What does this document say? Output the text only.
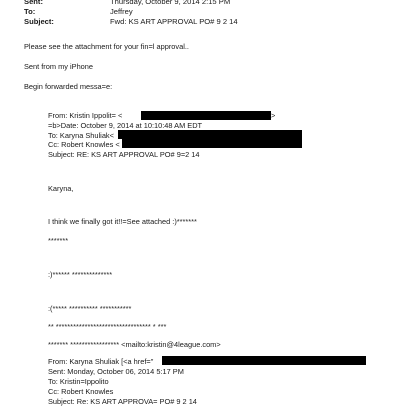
Sent:	Thursday, October 9, 2014 2:15 PM
To:	Jeffrey
Subject:	Fwd: KS ART APPROVAL PO# 9 2 14
Please see the attachment for your fin=l approval..
Sent from my iPhone
Begin forwarded messa=e:
From: Kristin Ippolit= <	>
=b>Date: October 9, 2014 at 10:10:48 AM EDT
To: Karyna Shuliak<
Cc: Robert Knowles <
Subject: RE: KS ART APPROVAL PO# 9=2 14
Karyna,
I think we finally got it!!=See attached :)*******
*******
:)****** **************
:(***** ********** ***********
** ********************************* * ***
******* ***************** <mailto:kristin@4league.com>
From: Karyna Shuliak [<a href="
Sent: Monday, October 06, 2014 5:17 PM
To: Kristin=Ippolito
Cc: Robert Knowles
Subject: Re: KS ART APPROVA= PO# 9 2 14
